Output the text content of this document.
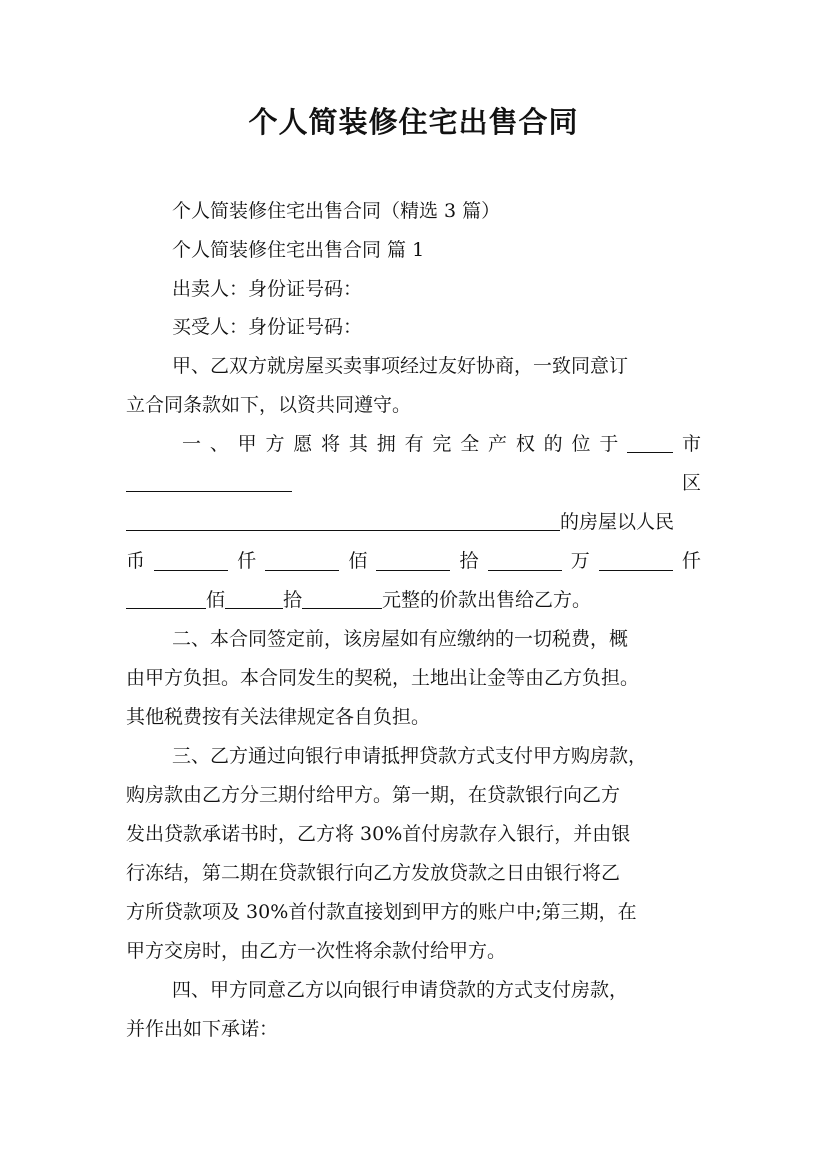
个人简装修住宅出售合同
个人简装修住宅出售合同（精选 3 篇）
个人简装修住宅出售合同 篇 1
出卖人：身份证号码：
买受人：身份证号码：
甲、乙双方就房屋买卖事项经过友好协商，一致同意订
立合同条款如下，以资共同遵守。
一、甲方愿将其拥有完全产权的位于 市
区
的房屋以人民
币	仟	佰	拾	万	仟
佰	拾	元整的价款出售给乙方。
二、本合同签定前，该房屋如有应缴纳的一切税费，概
由甲方负担。本合同发生的契税，土地出让金等由乙方负担。
其他税费按有关法律规定各自负担。
三、乙方通过向银行申请抵押贷款方式支付甲方购房款，
购房款由乙方分三期付给甲方。第一期，在贷款银行向乙方
发出贷款承诺书时，乙方将 30%首付房款存入银行，并由银
行冻结，第二期在贷款银行向乙方发放贷款之日由银行将乙
方所贷款项及 30%首付款直接划到甲方的账户中;第三期，在
甲方交房时，由乙方一次性将余款付给甲方。
四、甲方同意乙方以向银行申请贷款的方式支付房款，
并作出如下承诺：
